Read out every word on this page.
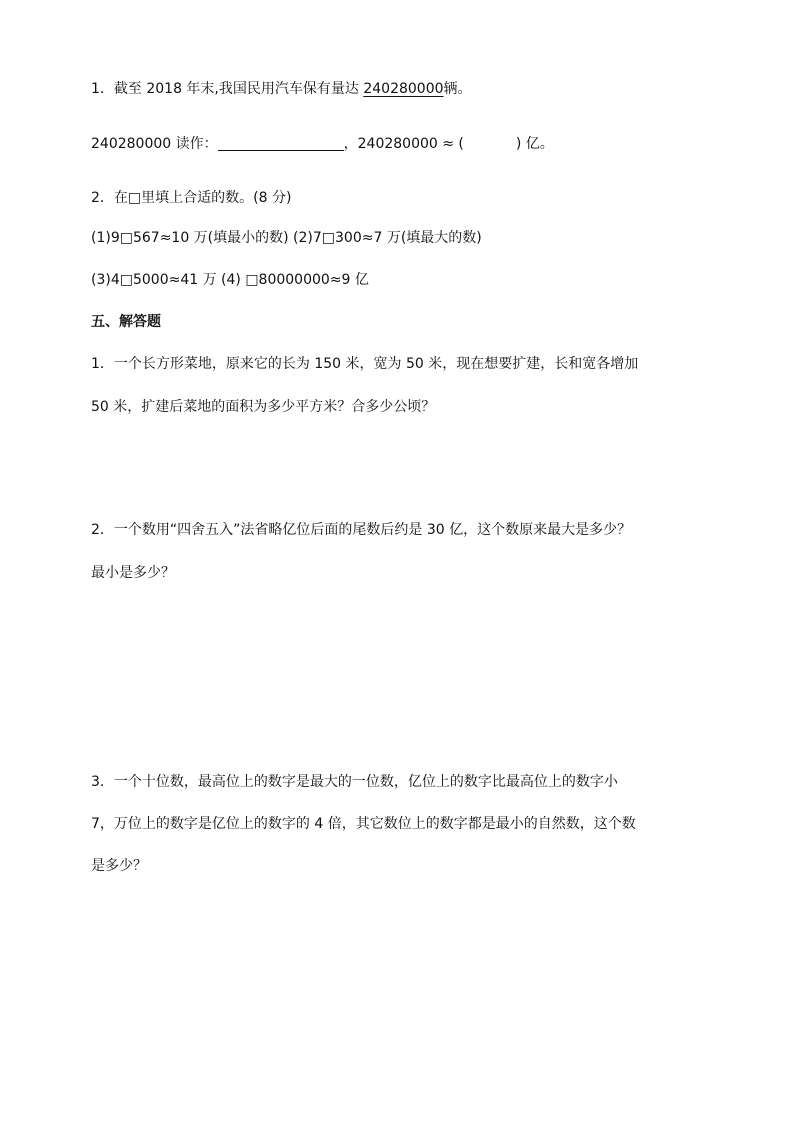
1．截至 2018 年末,我国民用汽车保有量达 240280000辆。
240280000 读作：	，240280000 ≈ (	) 亿。
2．在□里填上合适的数。(8 分)
(1)9□567≈10 万(填最小的数) (2)7□300≈7 万(填最大的数)
(3)4□5000≈41 万 (4) □80000000≈9 亿
五、解答题
1．一个长方形菜地，原来它的长为 150 米，宽为 50 米，现在想要扩建，长和宽各增加
50 米，扩建后菜地的面积为多少平方米？合多少公顷？
2．一个数用“四舍五入”法省略亿位后面的尾数后约是 30 亿，这个数原来最大是多少？
最小是多少？
3．一个十位数，最高位上的数字是最大的一位数，亿位上的数字比最高位上的数字小
7，万位上的数字是亿位上的数字的 4 倍，其它数位上的数字都是最小的自然数，这个数
是多少？
